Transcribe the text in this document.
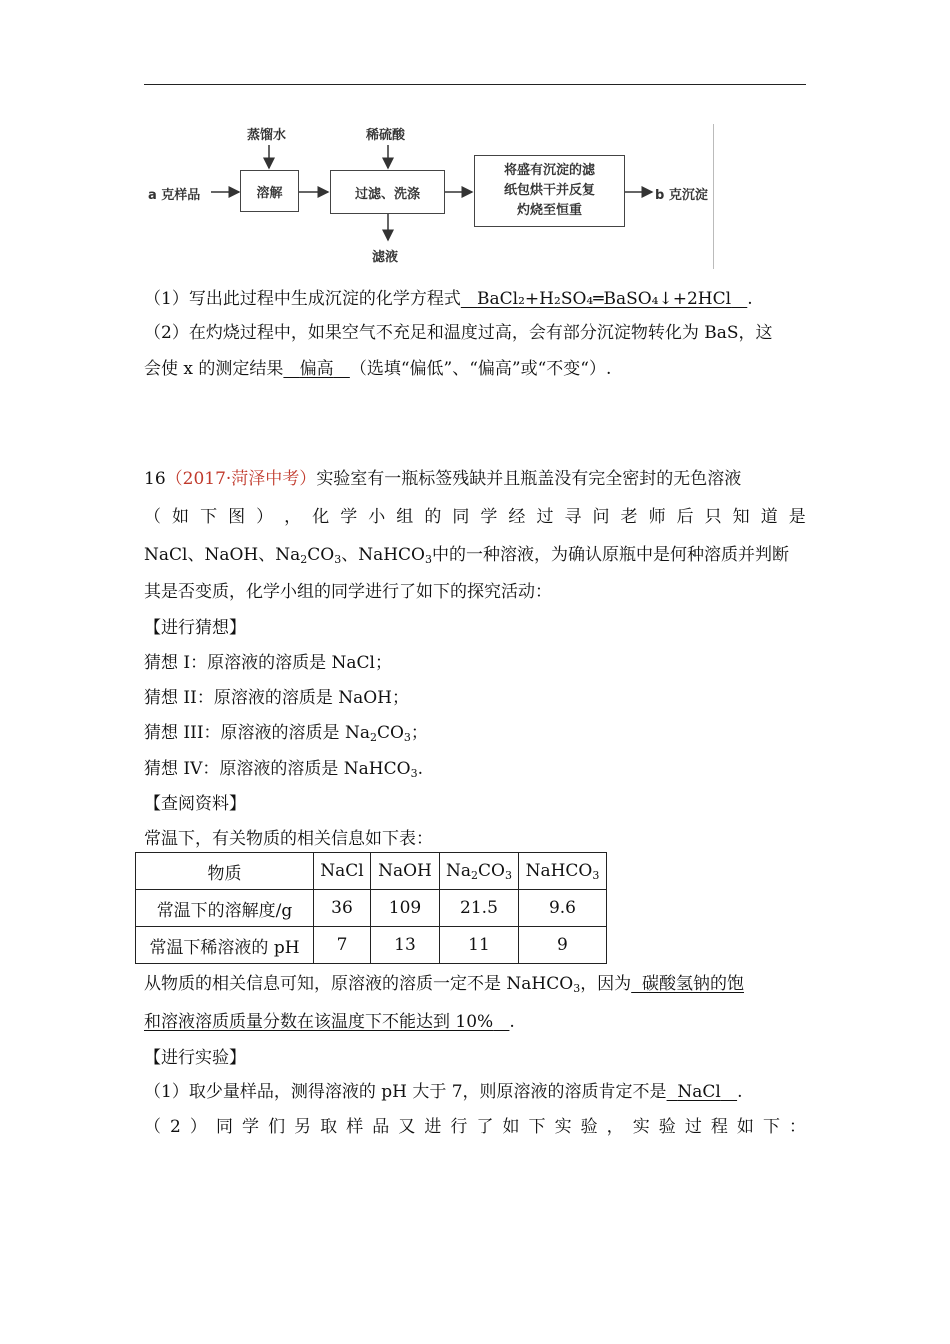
a 克样品
蒸馏水	稀硫酸
溶解	过滤、洗涤
滤液
将盛有沉淀的滤
纸包烘干并反复
灼烧至恒重
b 克沉淀
（1）写出此过程中生成沉淀的化学方程式 BaCl₂+H₂SO₄═BaSO₄↓+2HCl .
（2）在灼烧过程中，如果空气不充足和温度过高，会有部分沉淀物转化为 BaS，这
会使 x 的测定结果 偏高 （选填“偏低”、“偏高”或“不变“）.
16（2017·菏泽中考）实验室有一瓶标签残缺并且瓶盖没有完全密封的无色溶液
（ 如 下 图 ） ， 化 学 小 组 的 同 学 经 过 寻 问 老 师 后 只 知 道 是
NaCl、NaOH、$Na_2CO_3$、NaHCO$_3$中的一种溶液，为确认原瓶中是何种溶质并判断
其是否变质，化学小组的同学进行了如下的探究活动：
【进行猜想】
猜想 I：原溶液的溶质是 NaCl；
猜想 II：原溶液的溶质是 NaOH；
猜想 III：原溶液的溶质是 $Na_2CO_3$；
猜想 IV：原溶液的溶质是 NaHCO$_3$.
【查阅资料】
常温下，有关物质的相关信息如下表：
物质	NaCl	NaOH	$Na_2CO_3$	NaHCO$_3$
常温下的溶解度/g	36	109	21.5	9.6
常温下稀溶液的 pH	7	13	11	9
从物质的相关信息可知，原溶液的溶质一定不是 NaHCO$_3$，因为 碳酸氢钠的饱
和溶液溶质质量分数在该温度下不能达到 10% .
【进行实验】
（1）取少量样品，测得溶液的 pH 大于 7，则原溶液的溶质肯定不是 NaCl .
（ 2 ） 同 学 们 另 取 样 品 又 进 行 了 如 下 实 验 ， 实 验 过 程 如 下 ：
